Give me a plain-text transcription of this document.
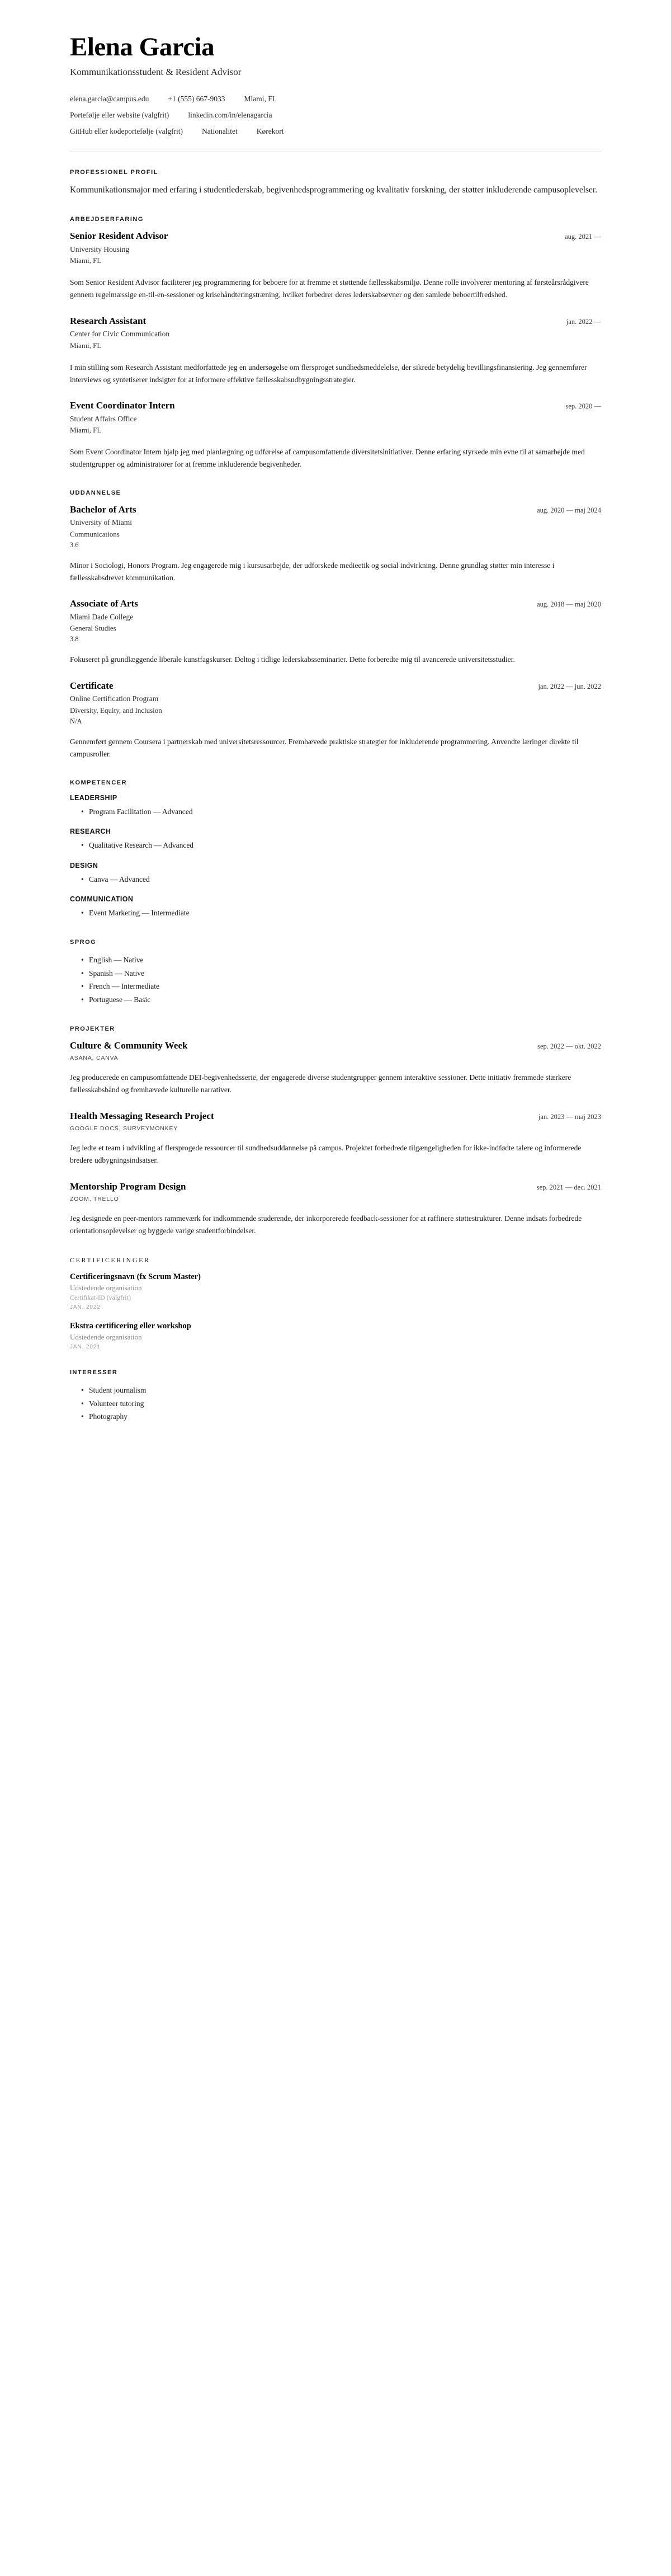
Elena Garcia
Kommunikationsstudent & Resident Advisor
elena.garcia@campus.edu	+1 (555) 667-9033	Miami, FL
Portefølje eller website (valgfrit)	linkedin.com/in/elenagarcia
GitHub eller kodeportefølje (valgfrit)	Nationalitet	Kørekort
PROFESSIONEL PROFIL

Kommunikationsmajor med erfaring i studentlederskab, begivenhedsprogrammering og kvalitativ forskning, der støtter inkluderende campusoplevelser.

ARBEJDSERFARING
Senior Resident Advisor	aug. 2021 —
University Housing
Miami, FL
Som Senior Resident Advisor faciliterer jeg programmering for beboere for at fremme et støttende fællesskabsmiljø. Denne rolle involverer mentoring af førsteårsrådgivere gennem regelmæssige en-til-en-sessioner og krisehåndteringstræning, hvilket forbedrer deres lederskabsevner og den samlede beboertilfredshed.
Research Assistant	jan. 2022 —
Center for Civic Communication
Miami, FL
I min stilling som Research Assistant medforfattede jeg en undersøgelse om flersproget sundhedsmeddelelse, der sikrede betydelig bevillingsfinansiering. Jeg gennemfører interviews og syntetiserer indsigter for at informere effektive fællesskabsudbygningsstrategier.
Event Coordinator Intern	sep. 2020 —
Student Affairs Office
Miami, FL
Som Event Coordinator Intern hjalp jeg med planlægning og udførelse af campusomfattende diversitetsinitiativer. Denne erfaring styrkede min evne til at samarbejde med studentgrupper og administratorer for at fremme inkluderende begivenheder.
UDDANNELSE
Bachelor of Arts	aug. 2020 — maj 2024
University of Miami
Communications
3.6
Minor i Sociologi, Honors Program. Jeg engagerede mig i kursusarbejde, der udforskede medieetik og social indvirkning. Denne grundlag støtter min interesse i fællesskabsdrevet kommunikation.
Associate of Arts	aug. 2018 — maj 2020
Miami Dade College
General Studies
3.8
Fokuseret på grundlæggende liberale kunstfagskurser. Deltog i tidlige lederskabsseminarier. Dette forberedte mig til avancerede universitetsstudier.
Certificate	jan. 2022 — jun. 2022
Online Certification Program
Diversity, Equity, and Inclusion
N/A
Gennemført gennem Coursera i partnerskab med universitetsressourcer. Fremhævede praktiske strategier for inkluderende programmering. Anvendte læringer direkte til campusroller.
KOMPETENCER
LEADERSHIP
• Program Facilitation — Advanced
RESEARCH
• Qualitative Research — Advanced
DESIGN
• Canva — Advanced
COMMUNICATION
• Event Marketing — Intermediate
SPROG
• English — Native
• Spanish — Native
• French — Intermediate
• Portuguese — Basic
PROJEKTER
Culture & Community Week	sep. 2022 — okt. 2022
ASANA, CANVA
Jeg producerede en campusomfattende DEI-begivenhedsserie, der engagerede diverse studentgrupper gennem interaktive sessioner. Dette initiativ fremmede stærkere fællesskabsbånd og fremhævede kulturelle narrativer.
Health Messaging Research Project	jan. 2023 — maj 2023
GOOGLE DOCS, SURVEYMONKEY
Jeg ledte et team i udvikling af flersprogede ressourcer til sundhedsuddannelse på campus. Projektet forbedrede tilgængeligheden for ikke-indfødte talere og informerede bredere udbygningsindsatser.
Mentorship Program Design	sep. 2021 — dec. 2021
ZOOM, TRELLO
Jeg designede en peer-mentors rammeværk for indkommende studerende, der inkorporerede feedback-sessioner for at raffinere støttestrukturer. Denne indsats forbedrede orientationsoplevelser og byggede varige studentforbindelser.
CERTIFICERINGER
Certificeringsnavn (fx Scrum Master)
Udstedende organisation
Certifikat-ID (valgfrit)
JAN. 2022
Ekstra certificering eller workshop
Udstedende organisation
JAN. 2021
INTERESSER
• Student journalism
• Volunteer tutoring
• Photography
